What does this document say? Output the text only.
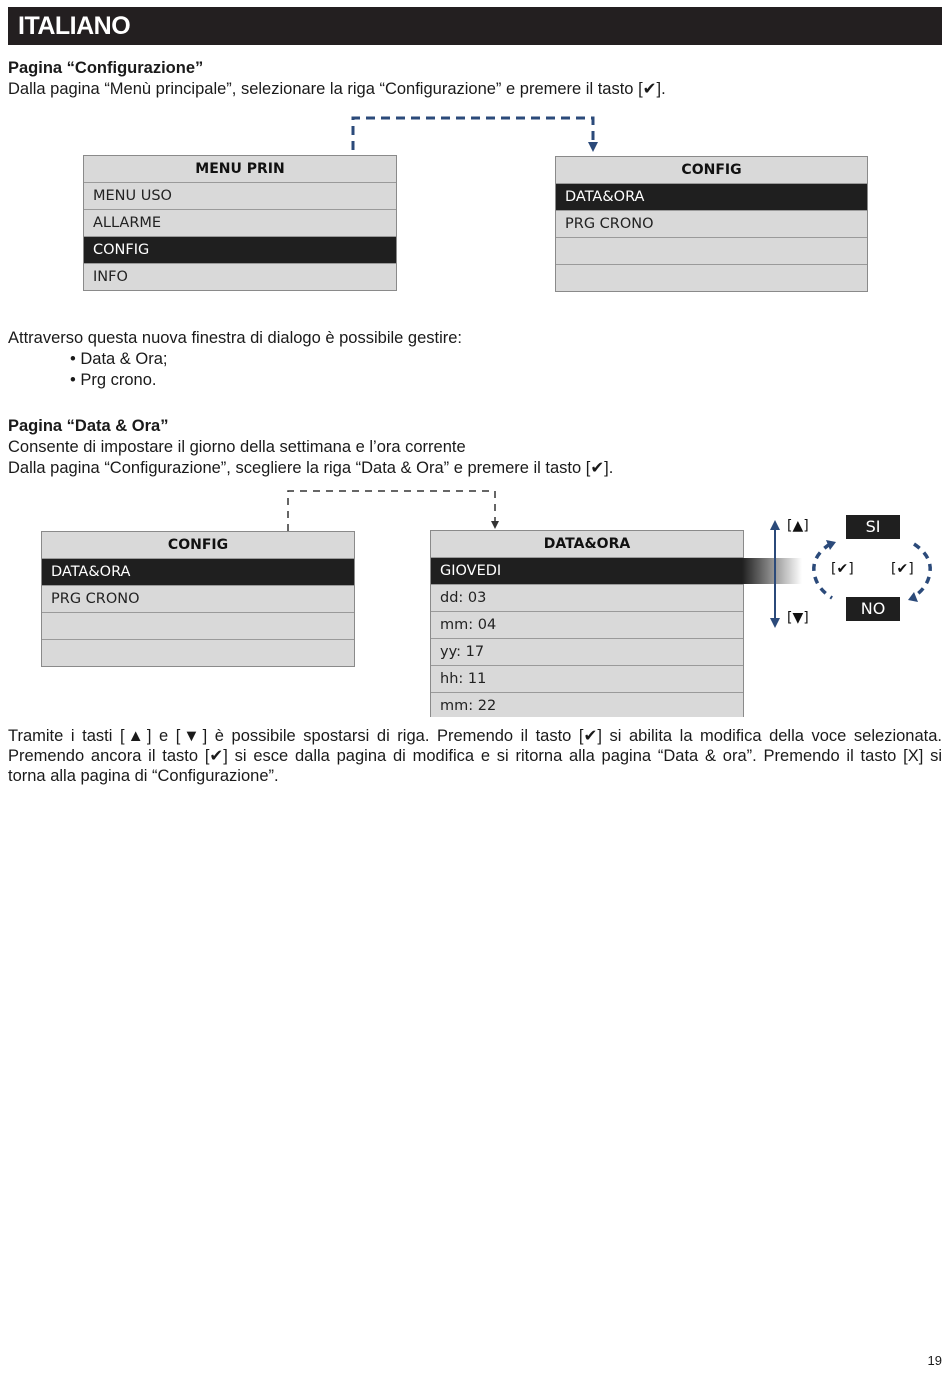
ITALIANO
Pagina “Configurazione”
Dalla pagina “Menù principale”, selezionare la riga “Configurazione” e premere il tasto [✔].
MENU PRIN
MENU USO
ALLARME
CONFIG
INFO
CONFIG
DATA&ORA
PRG CRONO
Attraverso questa nuova finestra di dialogo è possibile gestire:
• Data & Ora;
• Prg crono.
Pagina “Data & Ora”
Consente di impostare il giorno della settimana e l’ora corrente
Dalla pagina “Configurazione”, scegliere la riga “Data & Ora” e premere il tasto [✔].
CONFIG
DATA&ORA
PRG CRONO
DATA&ORA
GIOVEDI
dd: 03
mm: 04
yy: 17
hh: 11
mm: 22
[▲]
[▼]
[✔]	[✔]
SI
NO
Tramite i tasti [▲] e [▼] è possibile spostarsi di riga. Premendo il tasto [✔] si abilita la modifica della voce selezionata.
Premendo ancora il tasto [✔] si esce dalla pagina di modifica e si ritorna alla pagina “Data & ora”. Premendo il tasto [X] si
torna alla pagina di “Configurazione”.
19
